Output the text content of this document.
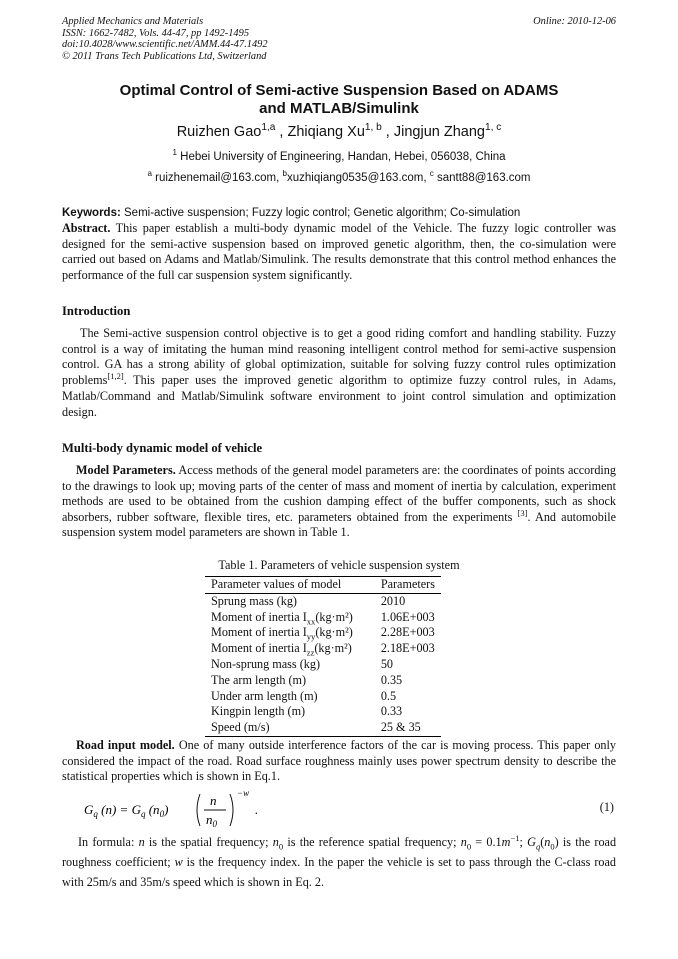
Applied Mechanics and Materials
ISSN: 1662-7482, Vols. 44-47, pp 1492-1495
doi:10.4028/www.scientific.net/AMM.44-47.1492
© 2011 Trans Tech Publications Ltd, Switzerland
Online: 2010-12-06
Optimal Control of Semi-active Suspension Based on ADAMS
and MATLAB/Simulink
Ruizhen Gao$^{1,a}$ , Zhiqiang Xu$^{1, b}$ , Jingjun Zhang$^{1, c}$
$^1$ Hebei University of Engineering, Handan, Hebei, 056038, China
$^a$ ruizhenemail@163.com, $^b$xuzhiqiang0535@163.com, $^c$ santt88@163.com
Keywords: Semi-active suspension; Fuzzy logic control; Genetic algorithm; Co-simulation

Abstract. This paper establish a multi-body dynamic model of the Vehicle. The fuzzy logic controller was designed for the semi-active suspension based on improved genetic algorithm, then, the co-simulation were carried out based on Adams and Matlab/Simulink. The results demonstrate that this control method enhances the performance of the full car suspension system significantly.

Introduction

The Semi-active suspension control objective is to get a good riding comfort and handling stability. Fuzzy control is a way of imitating the human mind reasoning intelligent control method for semi-active suspension control. GA has a strong ability of global optimization, suitable for solving fuzzy control rules optimization problems[1,2]. This paper uses the improved genetic algorithm to optimize fuzzy control rules, in Adams, Matlab/Command and Matlab/Simulink software environment to joint control simulation and optimization design.

Multi-body dynamic model of vehicle

Model Parameters. Access methods of the general model parameters are: the coordinates of points according to the drawings to look up; moving parts of the center of mass and moment of inertia by calculation, experiment methods are used to be obtained from the cushion damping effect of the buffer components, such as shock absorbers, rubber software, flexible tires, etc. parameters obtained from the experiments [3]. And automobile suspension system model parameters are shown in Table 1.

Table 1. Parameters of vehicle suspension system
Parameter values of model	Parameters
Sprung mass (kg)	2010
Moment of inertia $I_{xx}(kg\cdot m^2)$	1.06E+003
Moment of inertia $I_{yy}(kg\cdot m^2)$	2.28E+003
Moment of inertia $I_{zz}(kg\cdot m^2)$	2.18E+003
Non-sprung mass (kg)	50
The arm length (m)	0.35
Under arm length (m)	0.5
Kingpin length (m)	0.33
Speed (m/s)	25 & 35

Road input model. One of many outside interference factors of the car is moving process. This paper only considered the impact of the road. Road surface roughness mainly uses power spectrum density to describe the statistical properties which is shown in Eq.1.

$G_q$ $(n) = G_q$ $(n_0)$
n
$n_0$
−w
.	(1)

In formula: n is the spatial frequency; $n_0$ is the reference spatial frequency; $n_0 = 0.1m^{-1}$; $G_q(n_0)$ is the road roughness coefficient; w is the frequency index. In the paper the vehicle is set to pass through the C-class road with 25m/s and 35m/s speed which is shown in Eq. 2.
